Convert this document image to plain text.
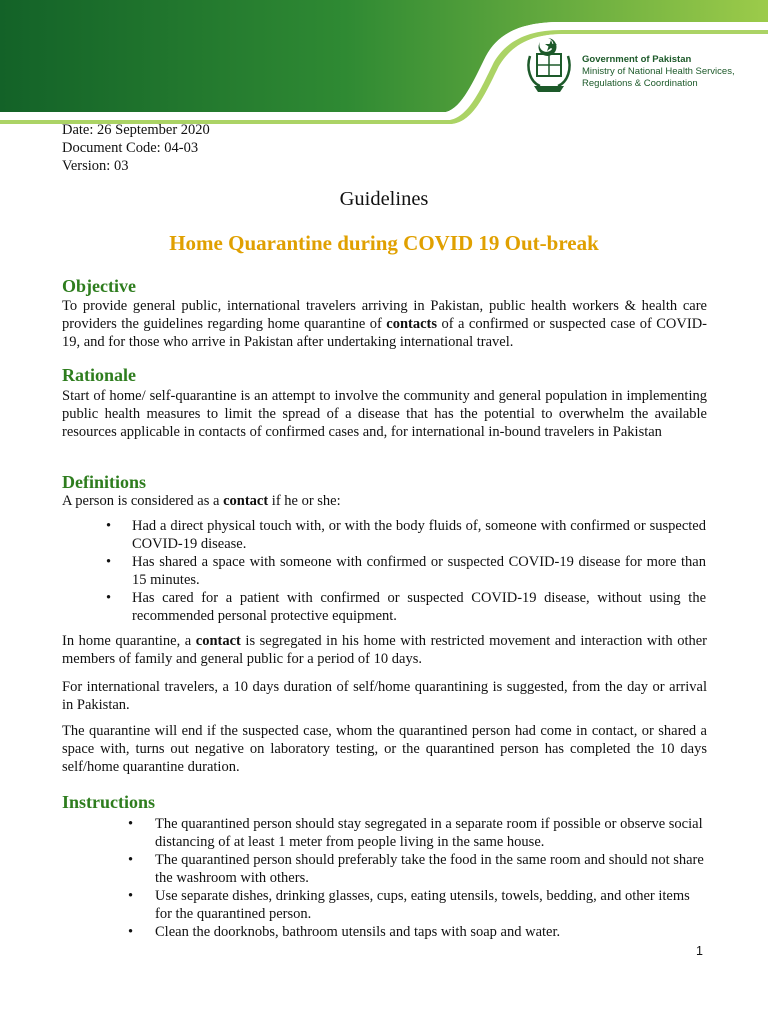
Government of Pakistan
Ministry of National Health Services,
Regulations & Coordination
Date: 26 September 2020
Document Code: 04-03
Version: 03
Guidelines
Home Quarantine during COVID 19 Out-break
Objective

To provide general public, international travelers arriving in Pakistan, public health workers & health care providers the guidelines regarding home quarantine of contacts of a confirmed or suspected case of COVID-19, and for those who arrive in Pakistan after undertaking international travel.

Rationale

Start of home/ self-quarantine is an attempt to involve the community and general population in implementing public health measures to limit the spread of a disease that has the potential to overwhelm the available resources applicable in contacts of confirmed cases and, for international in-bound travelers in Pakistan

Definitions

A person is considered as a contact if he or she:

• Had a direct physical touch with, or with the body fluids of, someone with confirmed or suspected COVID-19 disease.
• Has shared a space with someone with confirmed or suspected COVID-19 disease for more than 15 minutes.
• Has cared for a patient with confirmed or suspected COVID-19 disease, without using the recommended personal protective equipment.

In home quarantine, a contact is segregated in his home with restricted movement and interaction with other members of family and general public for a period of 10 days.

For international travelers, a 10 days duration of self/home quarantining is suggested, from the day or arrival in Pakistan.

The quarantine will end if the suspected case, whom the quarantined person had come in contact, or shared a space with, turns out negative on laboratory testing, or the quarantined person has completed the 10 days self/home quarantine duration.

Instructions
• The quarantined person should stay segregated in a separate room if possible or observe social distancing of at least 1 meter from people living in the same house.
• The quarantined person should preferably take the food in the same room and should not share the washroom with others.
• Use separate dishes, drinking glasses, cups, eating utensils, towels, bedding, and other items for the quarantined person.
• Clean the doorknobs, bathroom utensils and taps with soap and water.
1
